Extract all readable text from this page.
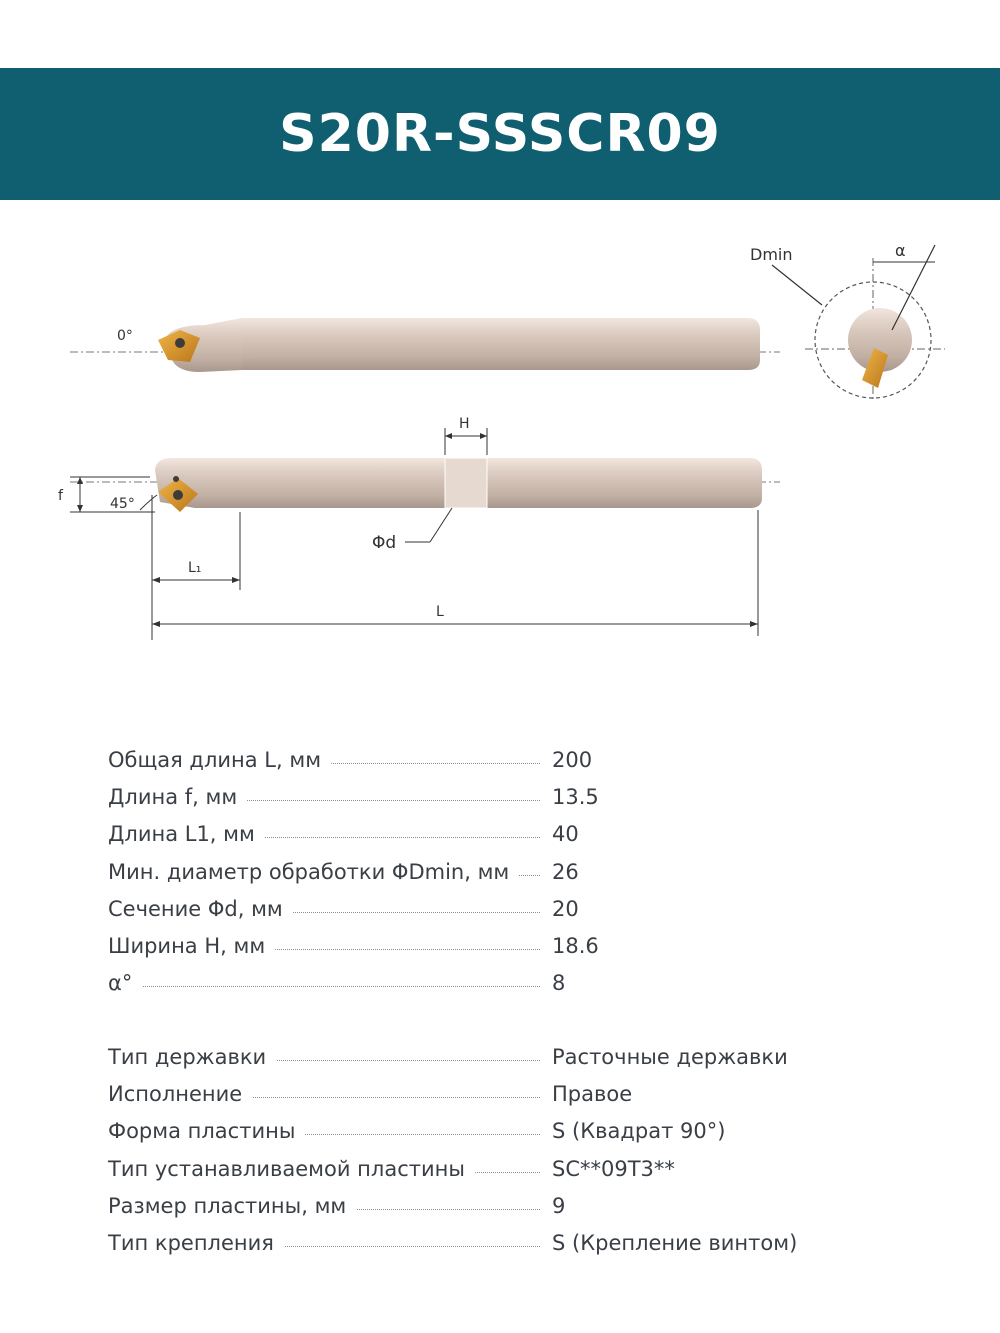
S20R-SSSCR09
0°
Dmin	α
H
f	45°
Φd
L₁
L
Общая длина L, мм	200
Длина f, мм	13.5
Длина L1, мм	40
Мин. диаметр обработки ΦDmin, мм	26
Сечение Φd, мм	20
Ширина H, мм	18.6
α°	8
Тип державки	Расточные державки
Исполнение	Правое
Форма пластины	S (Квадрат 90°)
Тип устанавливаемой пластины	SC**09T3**
Размер пластины, мм	9
Тип крепления	S (Крепление винтом)
